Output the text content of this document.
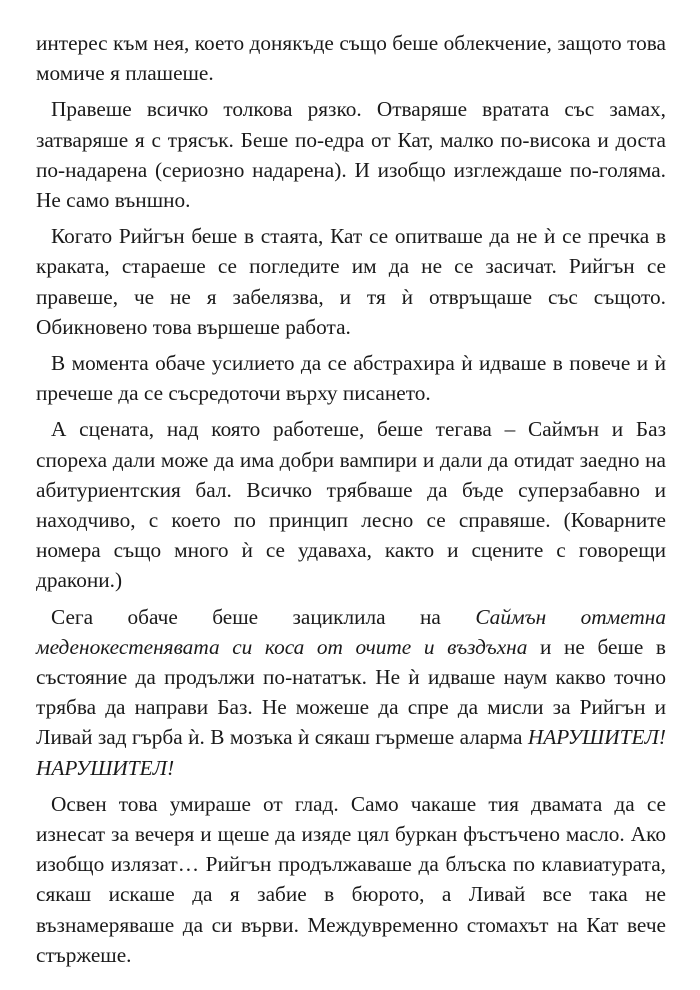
интерес към нея, което донякъде също беше облекчение, защото това момиче я плашеше.

Правеше всичко толкова рязко. Отваряше вратата със замах, затваряше я с трясък. Беше по-едра от Кат, малко по-висока и доста по-надарена (сериозно надарена). И изобщо изглеждаше по-голяма. Не само външно.

Когато Рийгън беше в стаята, Кат се опитваше да не ѝ се пречка в краката, стараеше се погледите им да не се засичат. Рийгън се правеше, че не я забелязва, и тя ѝ отвръщаше със същото. Обикновено това вършеше работа.

В момента обаче усилието да се абстрахира ѝ идваше в повече и ѝ пречеше да се съсредоточи върху писането.

А сцената, над която работеше, беше тегава – Саймън и Баз спореха дали може да има добри вампири и дали да отидат заедно на абитуриентския бал. Всичко трябваше да бъде суперзабавно и находчиво, с което по принцип лесно се справяше. (Коварните номера също много ѝ се удаваха, както и сцените с говорещи дракони.)

Сега обаче беше зациклила на Саймън отметна меденокестенявата си коса от очите и въздъхна и не беше в състояние да продължи по-нататък. Не ѝ идваше наум какво точно трябва да направи Баз. Не можеше да спре да мисли за Рийгън и Ливай зад гърба ѝ. В мозъка ѝ сякаш гърмеше аларма НАРУШИТЕЛ! НАРУШИТЕЛ!

Освен това умираше от глад. Само чакаше тия двамата да се изнесат за вечеря и щеше да изяде цял буркан фъстъчено масло. Ако изобщо излязат… Рийгън продължаваше да блъска по клавиатурата, сякаш искаше да я забие в бюрото, а Ливай все така не възнамеряваше да си върви. Междувременно стомахът на Кат вече стържеше.
